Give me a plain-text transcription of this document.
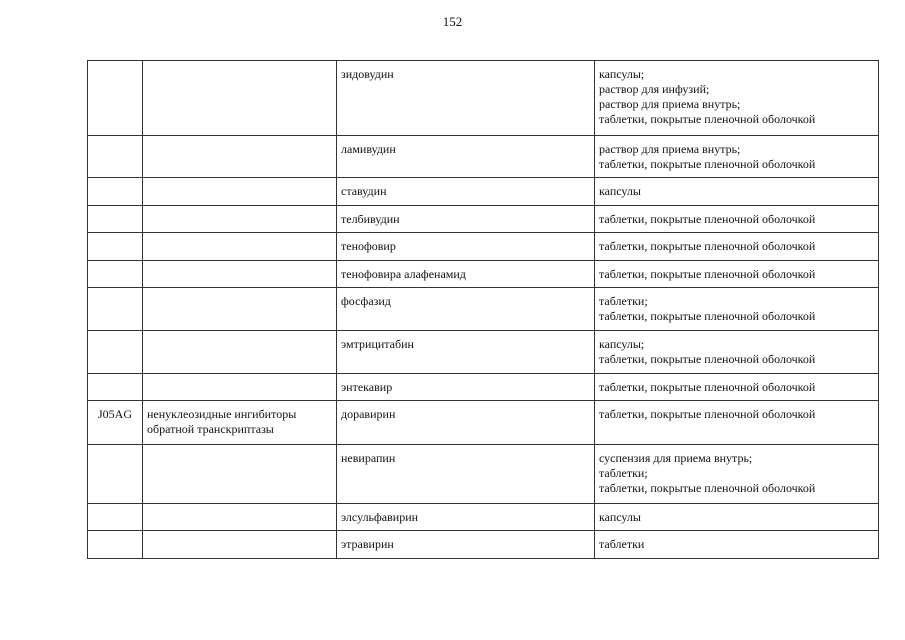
152
		зидовудин	капсулы;
раствор для инфузий;
раствор для приема внутрь;
таблетки, покрытые пленочной оболочкой

		ламивудин	раствор для приема внутрь;
таблетки, покрытые пленочной оболочкой

		ставудин	капсулы

		телбивудин	таблетки, покрытые пленочной оболочкой

		тенофовир	таблетки, покрытые пленочной оболочкой

		тенофовира алафенамид	таблетки, покрытые пленочной оболочкой

		фосфазид	таблетки;
таблетки, покрытые пленочной оболочкой

		эмтрицитабин	капсулы;
таблетки, покрытые пленочной оболочкой

		энтекавир	таблетки, покрытые пленочной оболочкой

J05AG	ненуклеозидные ингибиторы
обратной транскриптазы	доравирин	таблетки, покрытые пленочной оболочкой

		невирапин	суспензия для приема внутрь;
таблетки;
таблетки, покрытые пленочной оболочкой

		элсульфавирин	капсулы

		этравирин	таблетки
